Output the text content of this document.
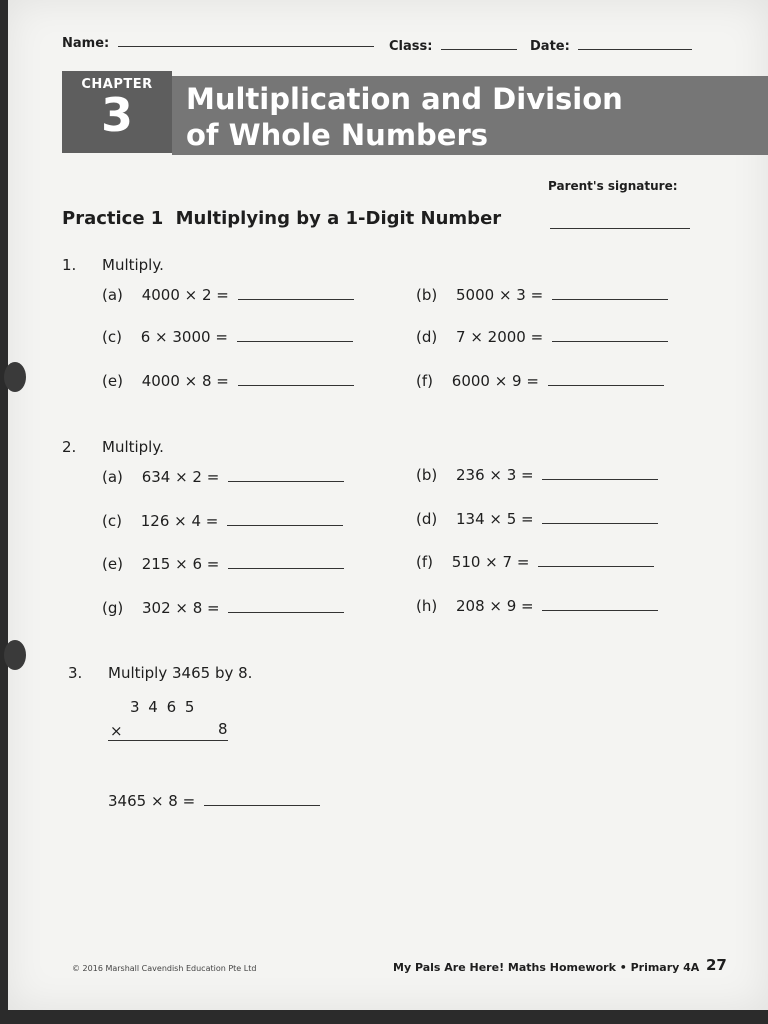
Name:	Class:	Date:
Multiplication and Division
of Whole Numbers
CHAPTER
3
Parent's signature:
Practice 1 Multiplying by a 1-Digit Number
1. Multiply.
(a) 4000 × 2 =	(b) 5000 × 3 =
(c) 6 × 3000 =	(d) 7 × 2000 =
(e) 4000 × 8 =	(f) 6000 × 9 =
2. Multiply.
(a) 634 × 2 =	(b) 236 × 3 =
(c) 126 × 4 =	(d) 134 × 5 =
(e) 215 × 6 =	(f) 510 × 7 =
(g) 302 × 8 =	(h) 208 × 9 =
3. Multiply 3465 by 8.
3 4 6 5
×	8
3465 × 8 =
© 2016 Marshall Cavendish Education Pte Ltd	My Pals Are Here! Maths Homework • Primary 4A 27
